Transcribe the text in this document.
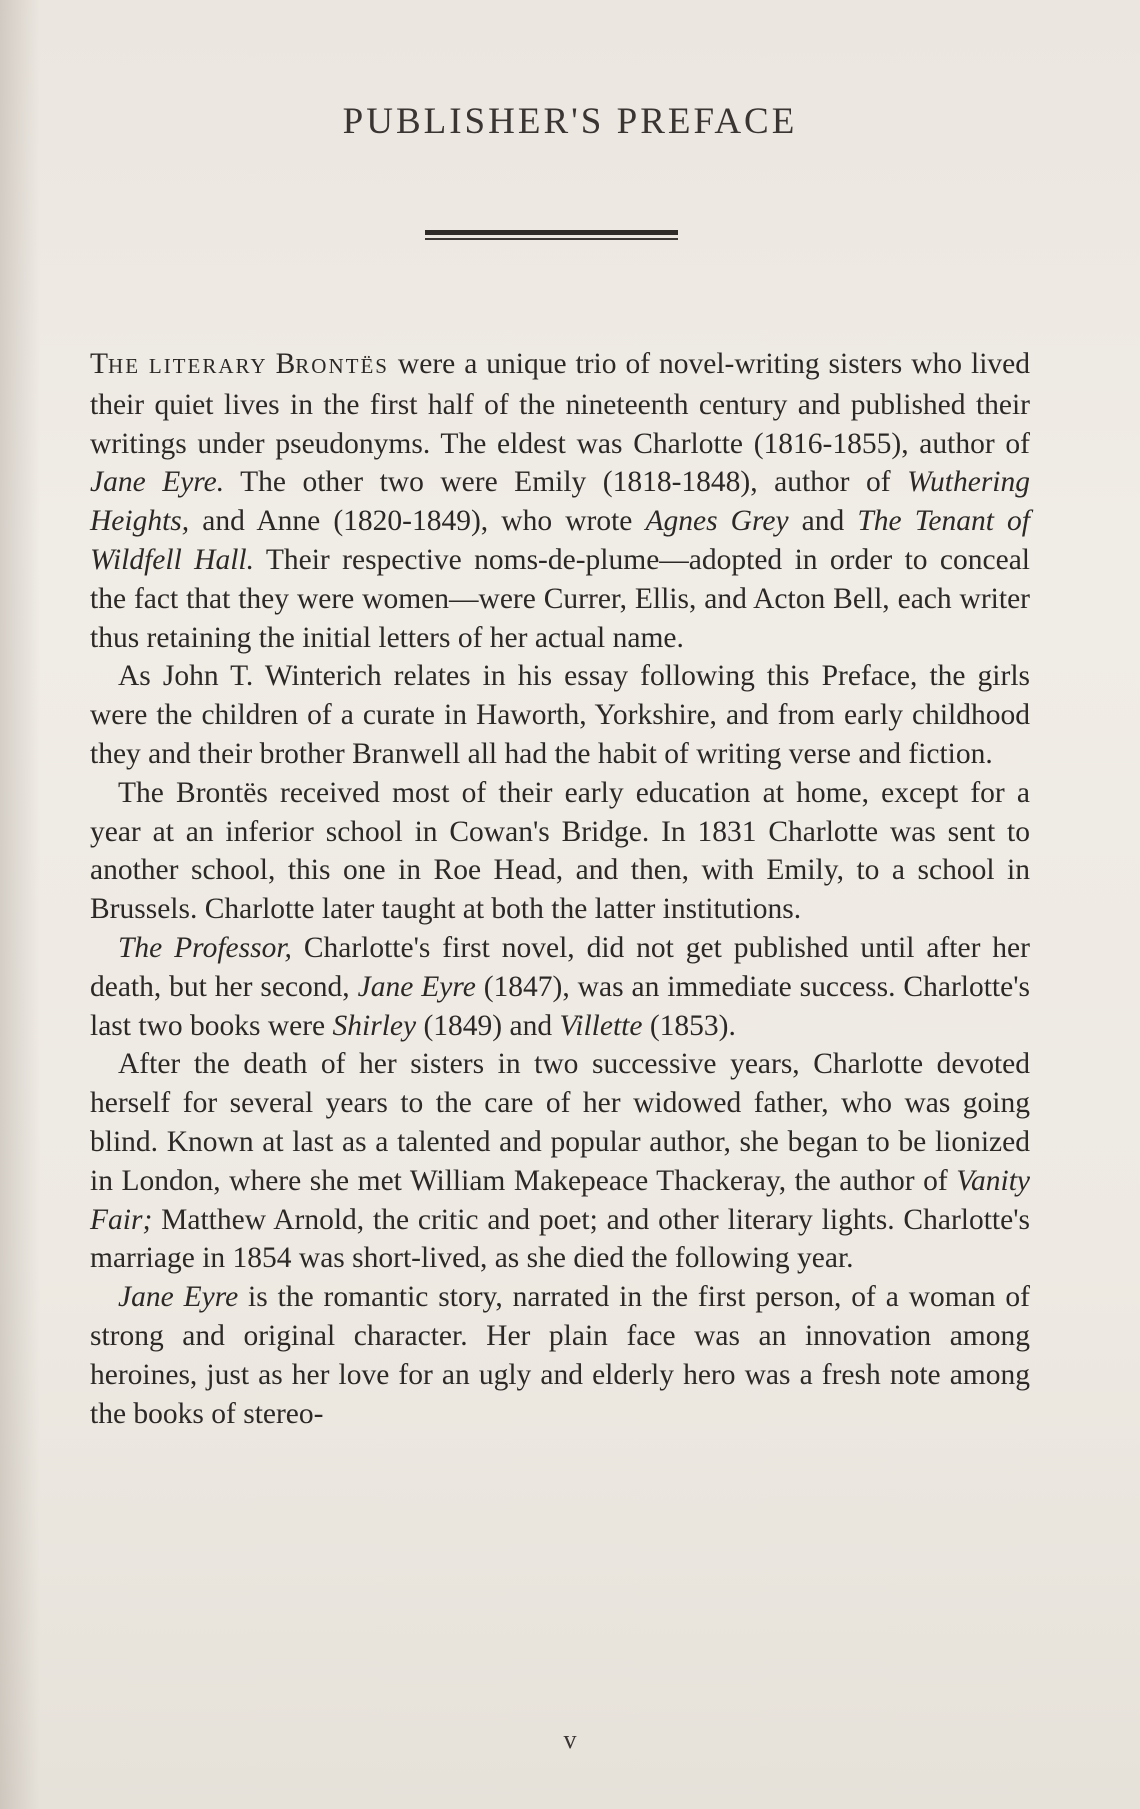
PUBLISHER'S PREFACE

THE LITERARY BRONTËS were a unique trio of novel-writing sisters who lived their quiet lives in the first half of the nineteenth century and published their writings under pseudonyms. The eldest was Charlotte (1816-1855), author of Jane Eyre. The other two were Emily (1818-1848), author of Wuthering Heights, and Anne (1820-1849), who wrote Agnes Grey and The Tenant of Wildfell Hall. Their respective noms-de-plume—adopted in order to conceal the fact that they were women—were Currer, Ellis, and Acton Bell, each writer thus retaining the initial letters of her actual name.

As John T. Winterich relates in his essay following this Preface, the girls were the children of a curate in Haworth, Yorkshire, and from early childhood they and their brother Branwell all had the habit of writing verse and fiction.

The Brontës received most of their early education at home, except for a year at an inferior school in Cowan's Bridge. In 1831 Charlotte was sent to another school, this one in Roe Head, and then, with Emily, to a school in Brussels. Charlotte later taught at both the latter institutions.

The Professor, Charlotte's first novel, did not get published until after her death, but her second, Jane Eyre (1847), was an immediate success. Charlotte's last two books were Shirley (1849) and Villette (1853).

After the death of her sisters in two successive years, Charlotte devoted herself for several years to the care of her widowed father, who was going blind. Known at last as a talented and popular author, she began to be lionized in London, where she met William Makepeace Thackeray, the author of Vanity Fair; Matthew Arnold, the critic and poet; and other literary lights. Charlotte's marriage in 1854 was short-lived, as she died the following year.

Jane Eyre is the romantic story, narrated in the first person, of a woman of strong and original character. Her plain face was an innovation among heroines, just as her love for an ugly and elderly hero was a fresh note among the books of stereo-

v
